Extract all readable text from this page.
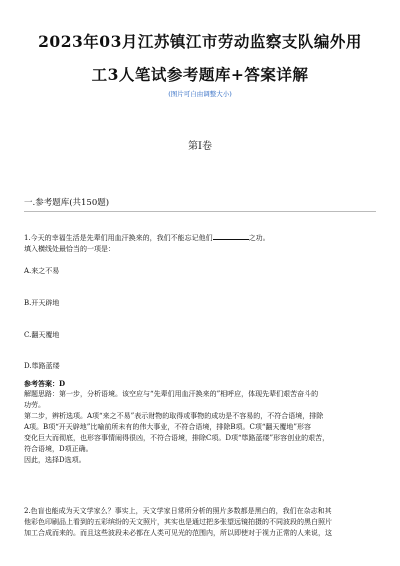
2023年03月江苏镇江市劳动监察支队编外用
工3人笔试参考题库+答案详解
(图片可自由调整大小)
第I卷
一.参考题库(共150题)
1.今天的幸福生活是先辈们用血汗换来的，我们不能忘记他们	之功。
填入横线处最恰当的一项是：
A.来之不易
B.开天辟地
C.翻天覆地
D.筚路蓝缕
参考答案：D
解题思路：第一步，分析语境。该空应与“先辈们用血汗换来的”相呼应，体现先辈们艰苦奋斗的
功劳。
第二步，辨析选项。A项“来之不易”表示财物的取得或事物的成功是不容易的，不符合语境，排除
A项。B项“开天辟地”比喻前所未有的伟大事业，不符合语境，排除B项。C项“翻天覆地”形容
变化巨大而彻底，也形容事情闹得很凶，不符合语境，排除C项。D项“筚路蓝缕”形容创业的艰苦，
符合语境，D项正确。
因此，选择D选项。
2.色盲也能成为天文学家么？事实上，天文学家日常所分析的照片多数都是黑白的，我们在杂志和其
他彩色印刷品上看到的五彩缤纷的天文照片，其实也是通过把多张望远镜拍摄的不同波段的黑白照片
加工合成而来的。而且这些波段未必都在人类可见光的范围内，所以即使对于视力正常的人来说，这
